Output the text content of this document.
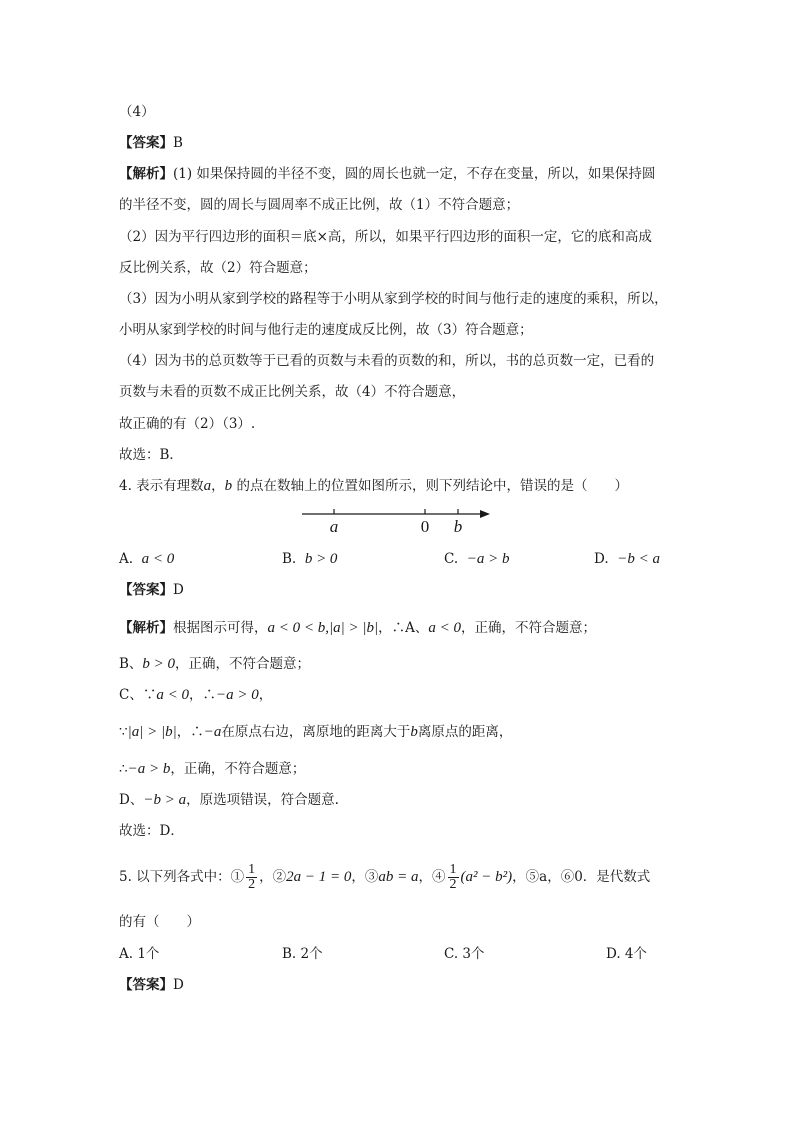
（4）
【答案】B
【解析】(1) 如果保持圆的半径不变，圆的周长也就一定，不存在变量，所以，如果保持圆
的半径不变，圆的周长与圆周率不成正比例，故（1）不符合题意；
（2）因为平行四边形的面积＝底×高，所以，如果平行四边形的面积一定，它的底和高成
反比例关系，故（2）符合题意；
（3）因为小明从家到学校的路程等于小明从家到学校的时间与他行走的速度的乘积，所以，
小明从家到学校的时间与他行走的速度成反比例，故（3）符合题意；
（4）因为书的总页数等于已看的页数与未看的页数的和，所以，书的总页数一定，已看的
页数与未看的页数不成正比例关系，故（4）不符合题意，
故正确的有（2）（3）.
故选：B．
4. 表示有理数a，b 的点在数轴上的位置如图所示，则下列结论中，错误的是（　　）
a	0 b
A. a < 0	B. b > 0	C. −a > b	D. −b < a
【答案】D
【解析】根据图示可得，a < 0 < b,|a| > |b|，∴A、a < 0，正确，不符合题意；
B、b > 0，正确，不符合题意；
C、∵a < 0，∴−a > 0，
∵|a| > |b|，∴−a在原点右边，离原地的距离大于b离原点的距离，
∴−a > b，正确，不符合题意；
D、−b > a，原选项错误，符合题意.
故选：D．
5. 以下列各式中：① $\frac{1}{2}$ ，②2a − 1 = 0，③ab = a，④ $\frac{1}{2} (a^2 - b^2)$，⑤a，⑥0．是代数式
的有（　　）
A. 1个	B. 2个	C. 3个	D. 4个
【答案】D
